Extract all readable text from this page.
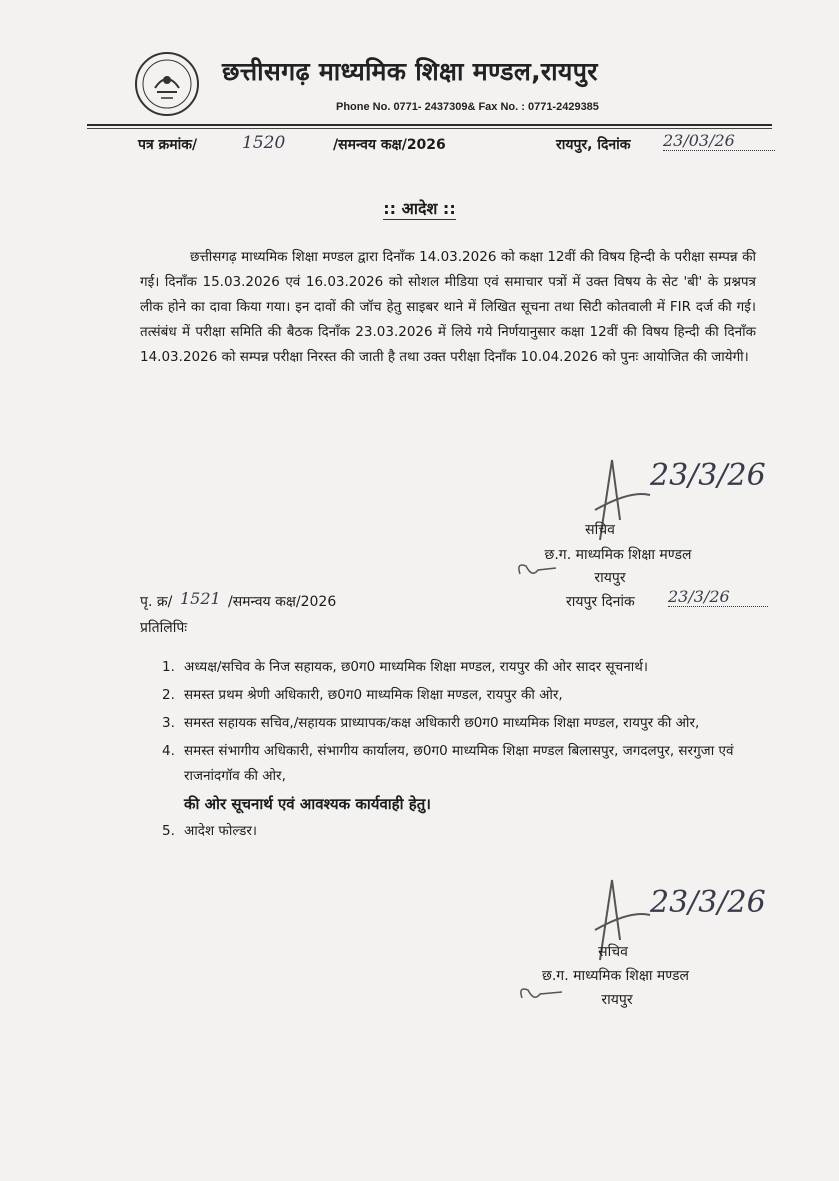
छत्तीसगढ़ माध्यमिक शिक्षा मण्डल,रायपुर
Phone No. 0771- 2437309& Fax No. : 0771-2429385
पत्र क्रमांक/	1520	/समन्वय कक्ष/2026	रायपुर, दिनांक 23/03/26
:: आदेश ::

छत्तीसगढ़ माध्यमिक शिक्षा मण्डल द्वारा दिनाँक 14.03.2026 को कक्षा 12वीं की विषय हिन्दी के परीक्षा सम्पन्न की गई। दिनाँक 15.03.2026 एवं 16.03.2026 को सोशल मीडिया एवं समाचार पत्रों में उक्त विषय के सेट 'बी' के प्रश्नपत्र लीक होने का दावा किया गया। इन दावों की जॉच हेतु साइबर थाने में लिखित सूचना तथा सिटी कोतवाली में FIR दर्ज की गई। तत्संबंध में परीक्षा समिति की बैठक दिनाँक 23.03.2026 में लिये गये निर्णयानुसार कक्षा 12वीं की विषय हिन्दी की दिनाँक 14.03.2026 को सम्पन्न परीक्षा निरस्त की जाती है तथा उक्त परीक्षा दिनाँक 10.04.2026 को पुनः आयोजित की जायेगी।

23/3/26
सचिव
छ.ग. माध्यमिक शिक्षा मण्डल
रायपुर
पृ. क्र/ 1521 /समन्वय कक्ष/2026	रायपुर दिनांक 23/3/26
प्रतिलिपिः
1. अध्यक्ष/सचिव के निज सहायक, छ0ग0 माध्यमिक शिक्षा मण्डल, रायपुर की ओर सादर सूचनार्थ।
2. समस्त प्रथम श्रेणी अधिकारी, छ0ग0 माध्यमिक शिक्षा मण्डल, रायपुर की ओर,
3. समस्त सहायक सचिव,/सहायक प्राध्यापक/कक्ष अधिकारी छ0ग0 माध्यमिक शिक्षा मण्डल, रायपुर की ओर,
4. समस्त संभागीय अधिकारी, संभागीय कार्यालय, छ0ग0 माध्यमिक शिक्षा मण्डल बिलासपुर, जगदलपुर, सरगुजा एवं राजनांदगॉव की ओर,
की ओर सूचनार्थ एवं आवश्यक कार्यवाही हेतु।
5. आदेश फोल्डर।
23/3/26
सचिव
छ.ग. माध्यमिक शिक्षा मण्डल
रायपुर
